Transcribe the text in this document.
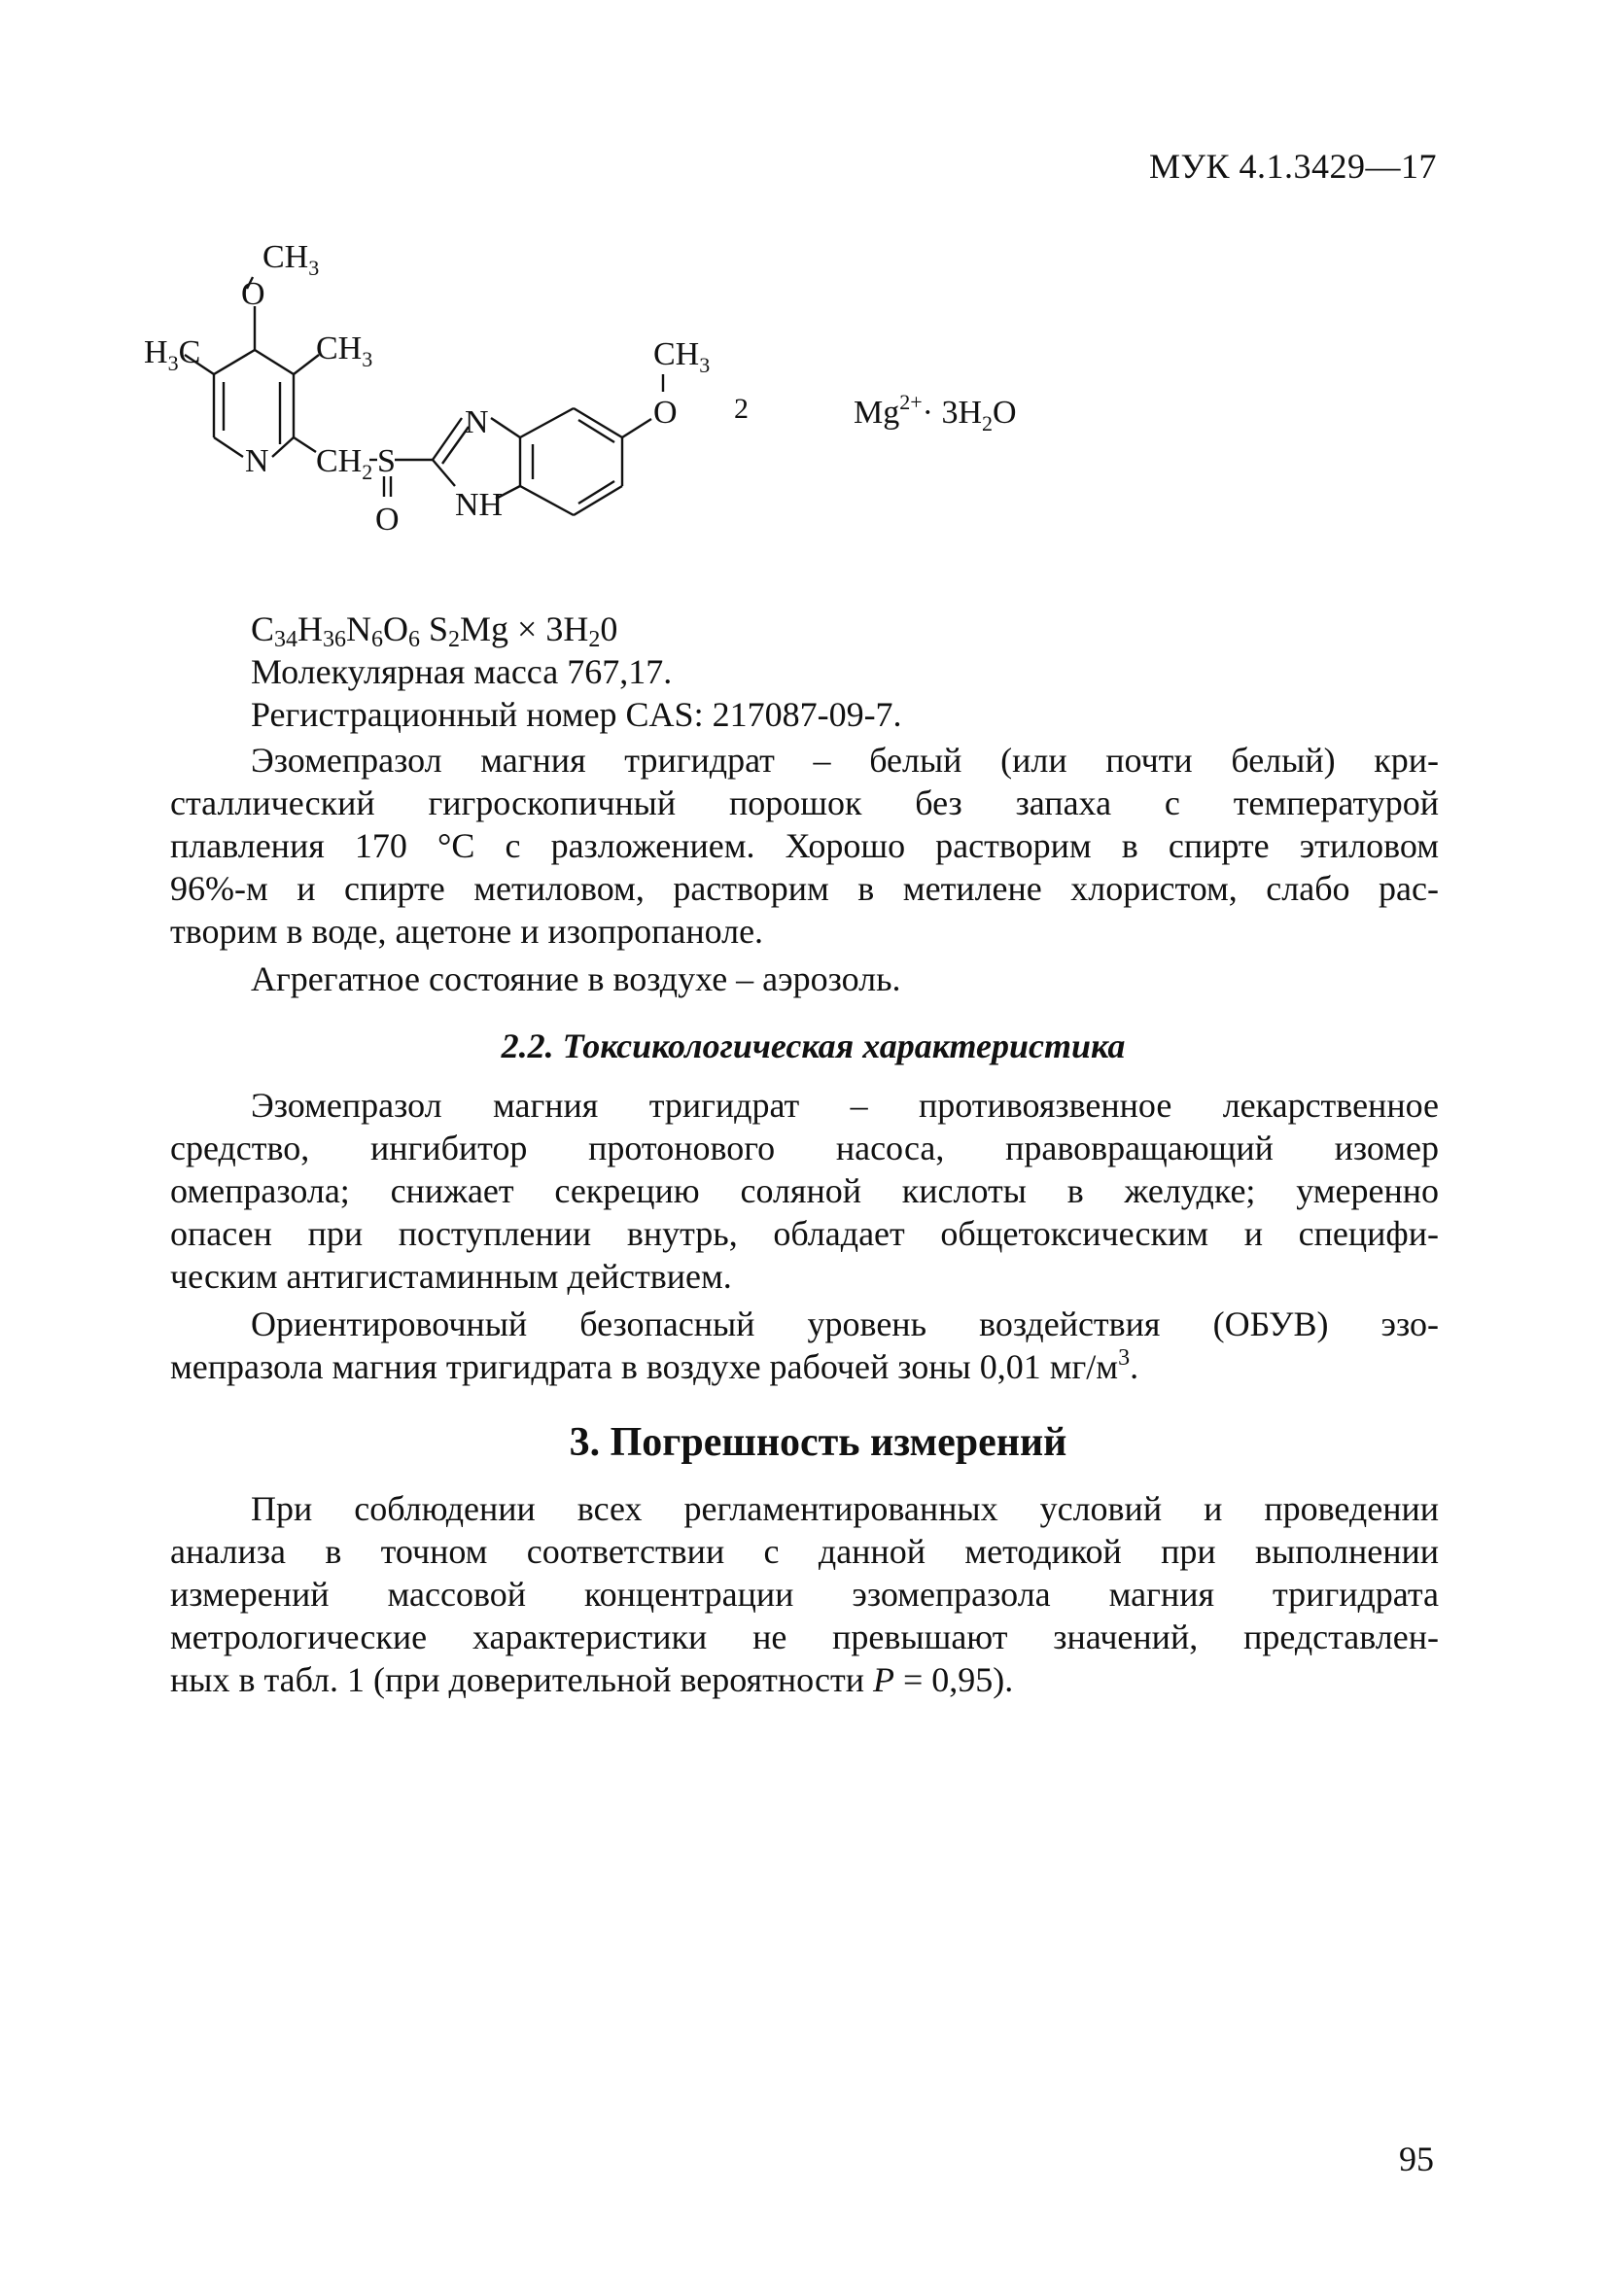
МУК 4.1.3429—17
O
$CH_3$
$H_3C$	$CH_3$
N $CH_2$ S
O
N
NH
$CH_3$
O 2	$Mg^{2+}\cdot 3H_2O$
$C_{34}H_{36}N_6O_6$ $S_2Mg \times 3H_20$
Молекулярная масса 767,17.
Регистрационный номер CAS: 217087-09-7.
Эзомепразол магния тригидрат – белый (или почти белый) кри-
сталлический гигроскопичный порошок без запаха с температурой
плавления 170 °С с разложением. Хорошо растворим в спирте этиловом
96%-м и спирте метиловом, растворим в метилене хлористом, слабо рас-
творим в воде, ацетоне и изопропаноле.
Агрегатное состояние в воздухе – аэрозоль.
2.2. Токсикологическая характеристика
Эзомепразол магния тригидрат – противоязвенное лекарственное
средство, ингибитор протонового насоса, правовращающий изомер
омепразола; снижает секрецию соляной кислоты в желудке; умеренно
опасен при поступлении внутрь, обладает общетоксическим и специфи-
ческим антигистаминным действием.
Ориентировочный безопасный уровень воздействия (ОБУВ) эзо-
мепразола магния тригидрата в воздухе рабочей зоны 0,01 $мг/м^3$.
3. Погрешность измерений
При соблюдении всех регламентированных условий и проведении
анализа в точном соответствии с данной методикой при выполнении
измерений массовой концентрации эзомепразола магния тригидрата
метрологические характеристики не превышают значений, представлен-
ных в табл. 1 (при доверительной вероятности P = 0,95).
95
